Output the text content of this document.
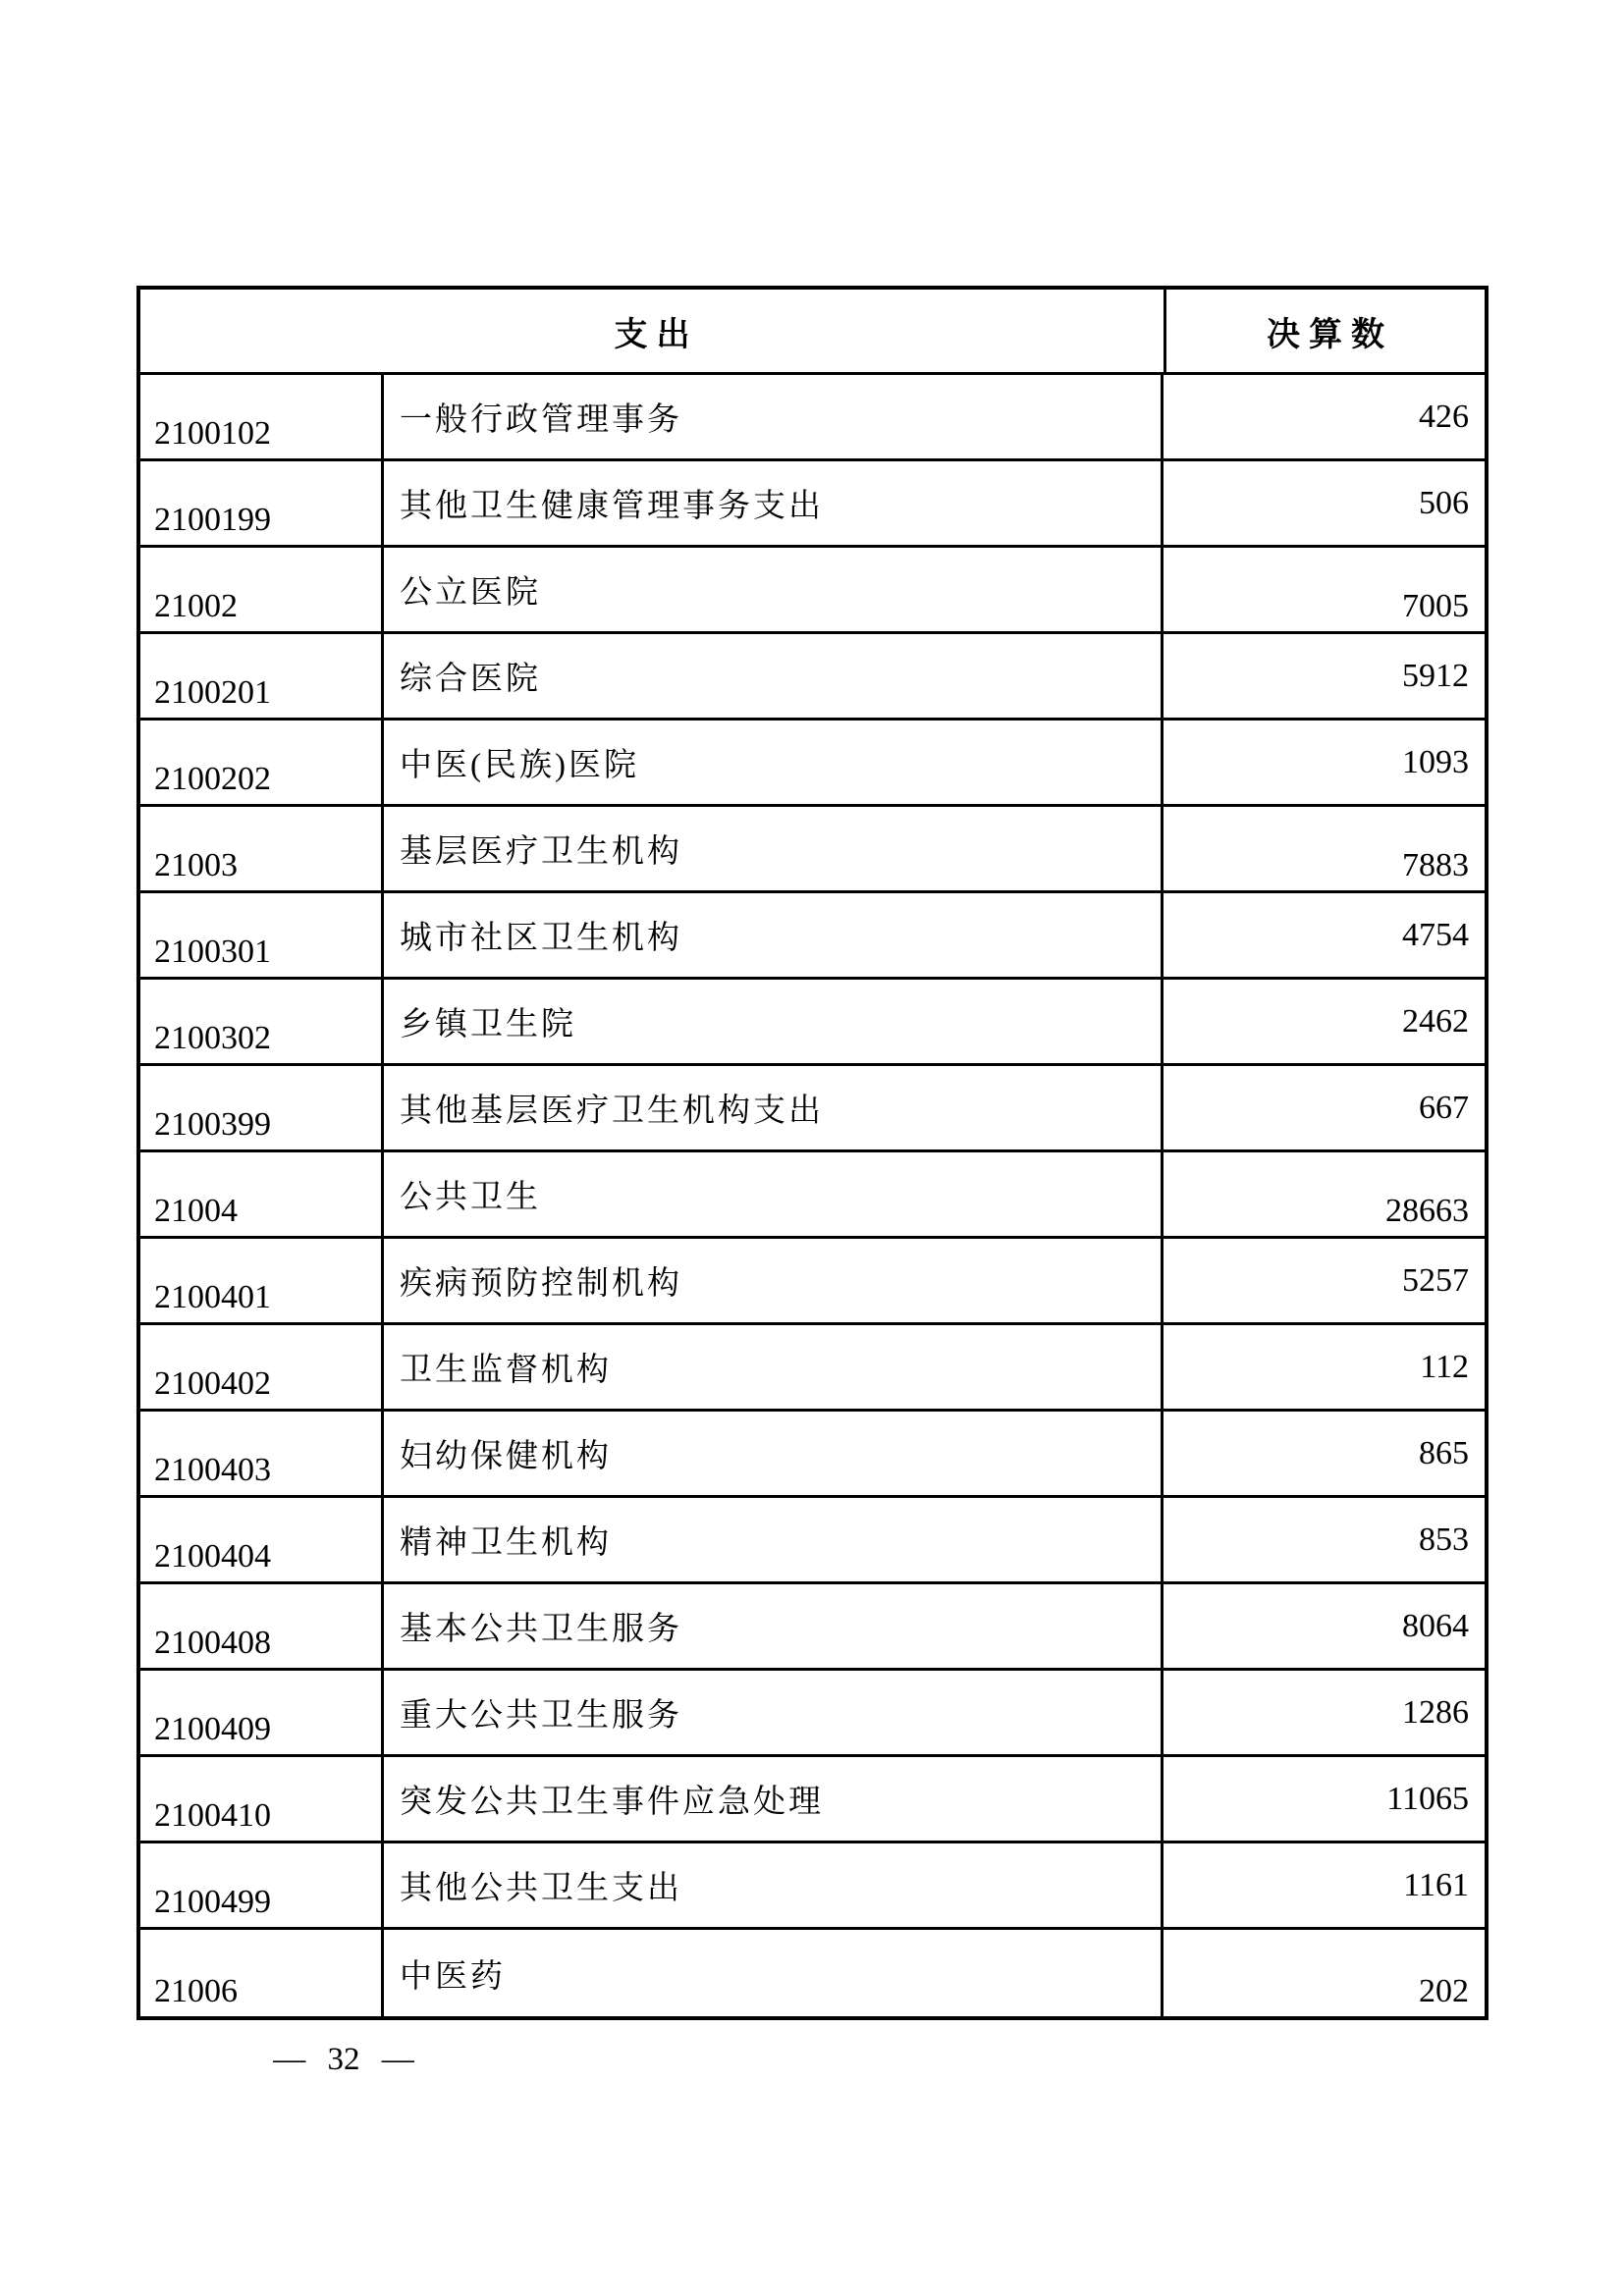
支出	决算数
2100102	一般行政管理事务	426
2100199	其他卫生健康管理事务支出	506
21002	公立医院	7005
2100201	综合医院	5912
2100202	中医(民族)医院	1093
21003	基层医疗卫生机构	7883
2100301	城市社区卫生机构	4754
2100302	乡镇卫生院	2462
2100399	其他基层医疗卫生机构支出	667
21004	公共卫生	28663
2100401	疾病预防控制机构	5257
2100402	卫生监督机构	112
2100403	妇幼保健机构	865
2100404	精神卫生机构	853
2100408	基本公共卫生服务	8064
2100409	重大公共卫生服务	1286
2100410	突发公共卫生事件应急处理	11065
2100499	其他公共卫生支出	1161
21006	中医药	202
— 32 —
